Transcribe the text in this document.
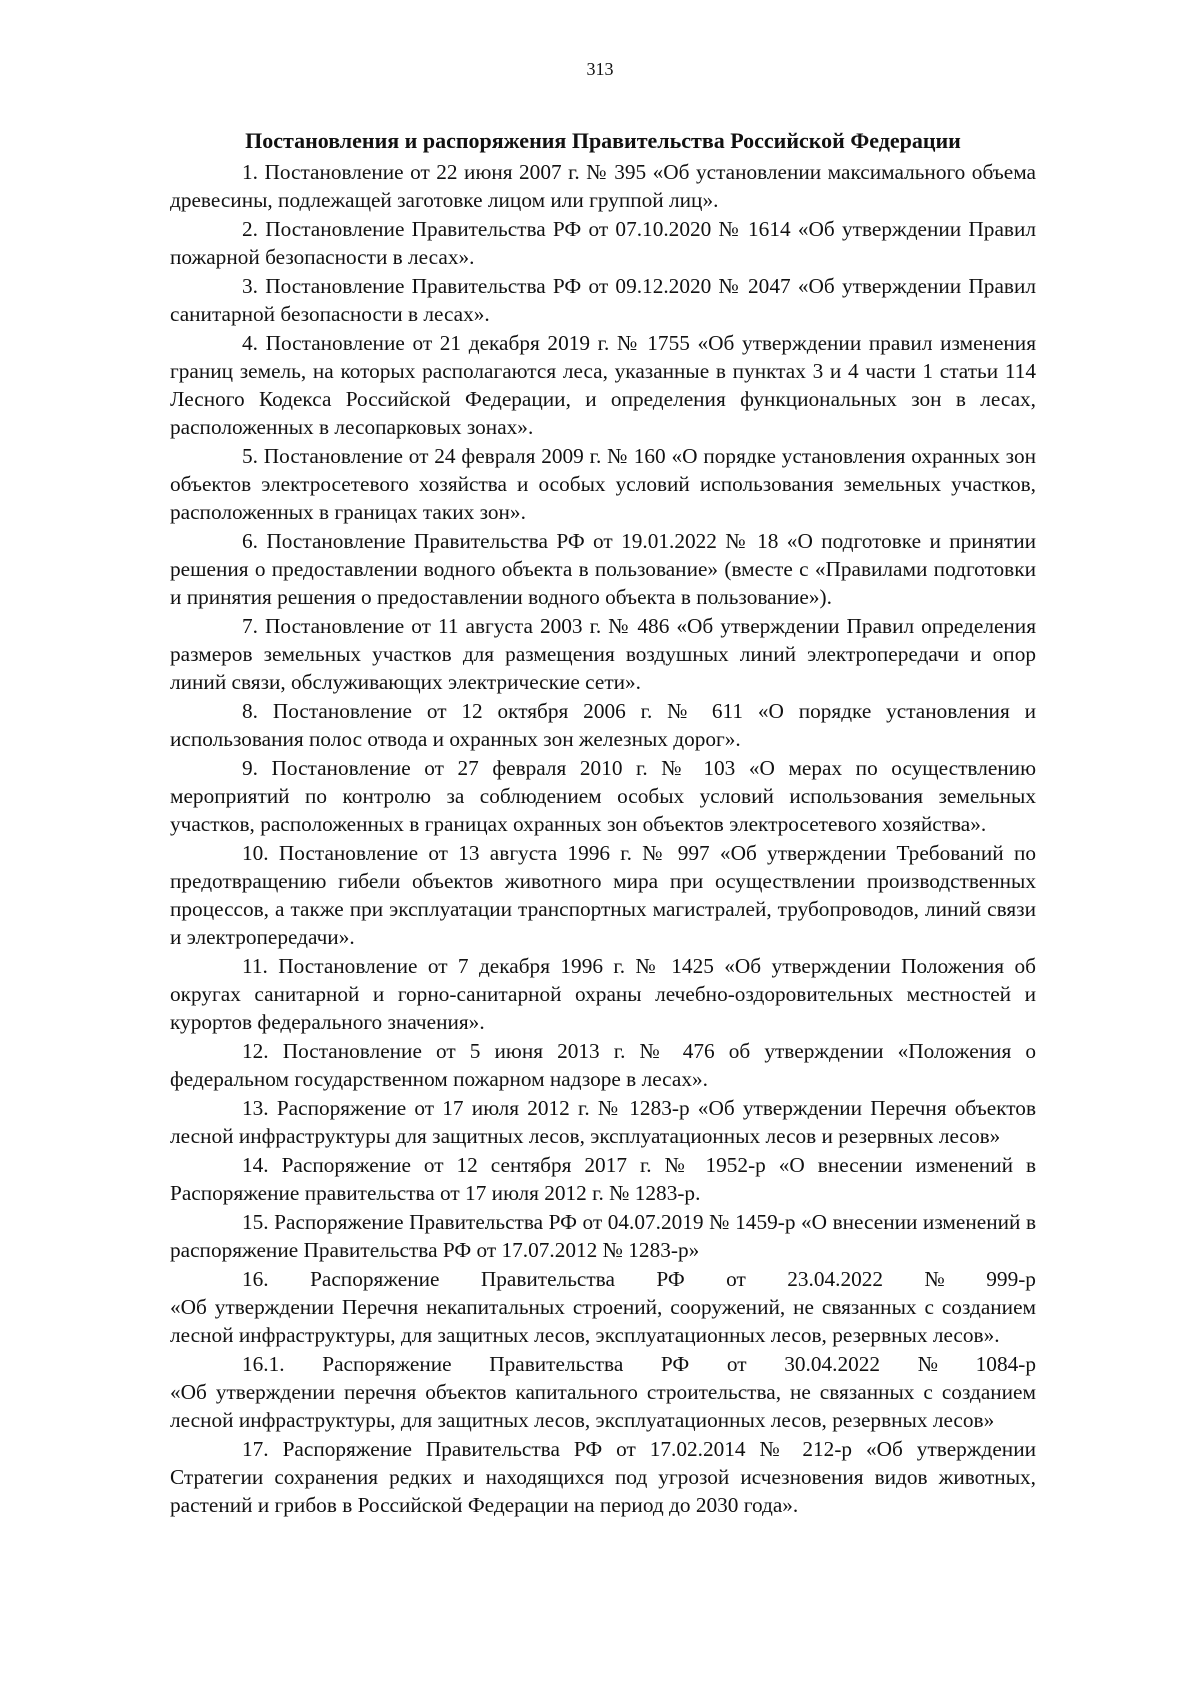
313
Постановления и распоряжения Правительства Российской Федерации

1. Постановление от 22 июня 2007 г. № 395 «Об установлении максимального объема древесины, подлежащей заготовке лицом или группой лиц».

2. Постановление Правительства РФ от 07.10.2020 № 1614 «Об утверждении Правил пожарной безопасности в лесах».

3. Постановление Правительства РФ от 09.12.2020 № 2047 «Об утверждении Правил санитарной безопасности в лесах».

4. Постановление от 21 декабря 2019 г. № 1755 «Об утверждении правил изменения границ земель, на которых располагаются леса, указанные в пунктах 3 и 4 части 1 статьи 114 Лесного Кодекса Российской Федерации, и определения функциональных зон в лесах, расположенных в лесопарковых зонах».

5. Постановление от 24 февраля 2009 г. № 160 «О порядке установления охранных зон объектов электросетевого хозяйства и особых условий использования земельных участков, расположенных в границах таких зон».

6. Постановление Правительства РФ от 19.01.2022 № 18 «О подготовке и принятии решения о предоставлении водного объекта в пользование» (вместе с «Правилами подготовки и принятия решения о предоставлении водного объекта в пользование»).

7. Постановление от 11 августа 2003 г. № 486 «Об утверждении Правил определения размеров земельных участков для размещения воздушных линий электропередачи и опор линий связи, обслуживающих электрические сети».

8. Постановление от 12 октября 2006 г. № 611 «О порядке установления и использования полос отвода и охранных зон железных дорог».

9. Постановление от 27 февраля 2010 г. № 103 «О мерах по осуществлению мероприятий по контролю за соблюдением особых условий использования земельных участков, расположенных в границах охранных зон объектов электросетевого хозяйства».

10. Постановление от 13 августа 1996 г. № 997 «Об утверждении Требований по предотвращению гибели объектов животного мира при осуществлении производственных процессов, а также при эксплуатации транспортных магистралей, трубопроводов, линий связи и электропередачи».

11. Постановление от 7 декабря 1996 г. № 1425 «Об утверждении Положения об округах санитарной и горно-санитарной охраны лечебно-оздоровительных местностей и курортов федерального значения».

12. Постановление от 5 июня 2013 г. № 476 об утверждении «Положения о федеральном государственном пожарном надзоре в лесах».

13. Распоряжение от 17 июля 2012 г. № 1283-р «Об утверждении Перечня объектов лесной инфраструктуры для защитных лесов, эксплуатационных лесов и резервных лесов»

14. Распоряжение от 12 сентября 2017 г. № 1952-р «О внесении изменений в Распоряжение правительства от 17 июля 2012 г. № 1283-р.

15. Распоряжение Правительства РФ от 04.07.2019 № 1459-р «О внесении изменений в распоряжение Правительства РФ от 17.07.2012 № 1283-р»

16. Распоряжение Правительства РФ от 23.04.2022 № 999-р
«Об утверждении Перечня некапитальных строений, сооружений, не связанных с созданием лесной инфраструктуры, для защитных лесов, эксплуатационных лесов, резервных лесов».
16.1. Распоряжение Правительства РФ от 30.04.2022 № 1084-р
«Об утверждении перечня объектов капитального строительства, не связанных с созданием лесной инфраструктуры, для защитных лесов, эксплуатационных лесов, резервных лесов»

17. Распоряжение Правительства РФ от 17.02.2014 № 212-р «Об утверждении Стратегии сохранения редких и находящихся под угрозой исчезновения видов животных, растений и грибов в Российской Федерации на период до 2030 года».
